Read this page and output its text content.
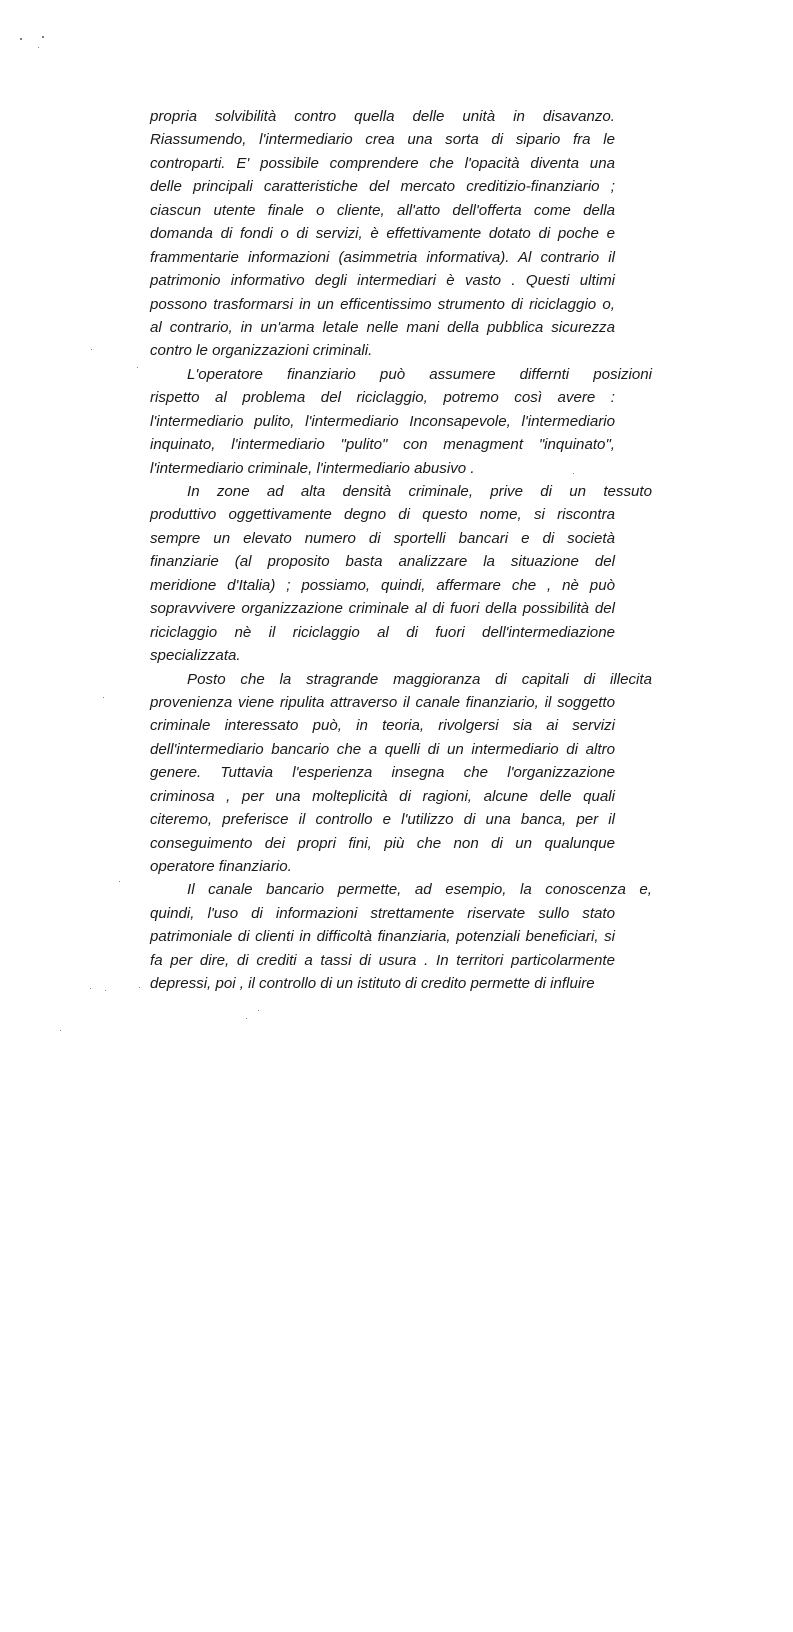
propria solvibilità contro quella delle unità in disavanzo.
Riassumendo, l'intermediario crea una sorta di sipario fra le
controparti. E' possibile comprendere che l'opacità diventa una
delle principali caratteristiche del mercato creditizio-finanziario ;
ciascun utente finale o cliente, all'atto dell'offerta come della
domanda di fondi o di servizi, è effettivamente dotato di poche e
frammentarie informazioni (asimmetria informativa). Al contrario il
patrimonio informativo degli intermediari è vasto . Questi ultimi
possono trasformarsi in un efficentissimo strumento di riciclaggio o,
al contrario, in un'arma letale nelle mani della pubblica sicurezza
contro le organizzazioni criminali.
L'operatore finanziario può assumere differnti posizioni
rispetto al problema del riciclaggio, potremo così avere :
l'intermediario pulito, l'intermediario Inconsapevole, l'intermediario
inquinato, l'intermediario "pulito" con menagment "inquinato",
l'intermediario criminale, l'intermediario abusivo .
In zone ad alta densità criminale, prive di un tessuto
produttivo oggettivamente degno di questo nome, si riscontra
sempre un elevato numero di sportelli bancari e di società
finanziarie (al proposito basta analizzare la situazione del
meridione d'Italia) ; possiamo, quindi, affermare che , nè può
sopravvivere organizzazione criminale al di fuori della possibilità del
riciclaggio nè il riciclaggio al di fuori dell'intermediazione
specializzata.
Posto che la stragrande maggioranza di capitali di illecita
provenienza viene ripulita attraverso il canale finanziario, il soggetto
criminale interessato può, in teoria, rivolgersi sia ai servizi
dell'intermediario bancario che a quelli di un intermediario di altro
genere. Tuttavia l'esperienza insegna che l'organizzazione
criminosa , per una molteplicità di ragioni, alcune delle quali
citeremo, preferisce il controllo e l'utilizzo di una banca, per il
conseguimento dei propri fini, più che non di un qualunque
operatore finanziario.
Il canale bancario permette, ad esempio, la conoscenza e,
quindi, l'uso di informazioni strettamente riservate sullo stato
patrimoniale di clienti in difficoltà finanziaria, potenziali beneficiari, si
fa per dire, di crediti a tassi di usura . In territori particolarmente
depressi, poi , il controllo di un istituto di credito permette di influire
